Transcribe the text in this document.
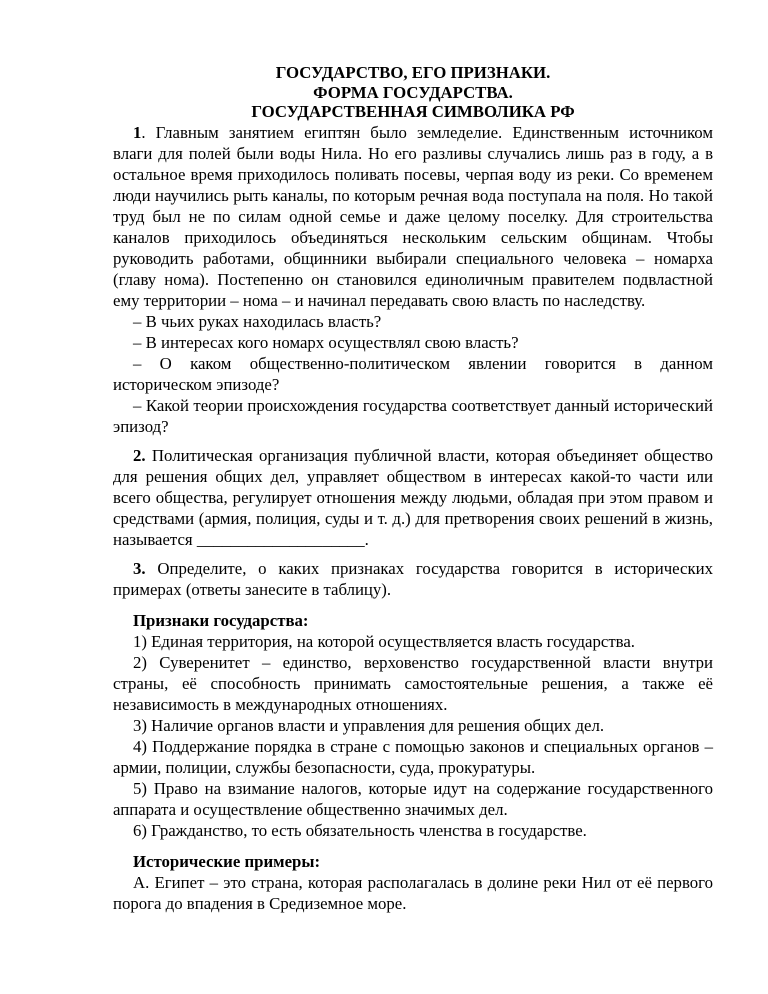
ГОСУДАРСТВО, ЕГО ПРИЗНАКИ.

ФОРМА ГОСУДАРСТВА.

ГОСУДАРСТВЕННАЯ СИМВОЛИКА РФ

1. Главным занятием египтян было земледелие. Единственным источником влаги для полей были воды Нила. Но его разливы случались лишь раз в году, а в остальное время приходилось поливать посевы, черпая воду из реки. Со временем люди научились рыть каналы, по которым речная вода поступала на поля. Но такой труд был не по силам одной семье и даже целому поселку. Для строительства каналов приходилось объединяться нескольким сельским общинам. Чтобы руководить работами, общинники выбирали специального человека – номарха (главу нома). Постепенно он становился единоличным правителем подвластной ему территории – нома – и начинал передавать свою власть по наследству.

– В чьих руках находилась власть?

– В интересах кого номарх осуществлял свою власть?

– О каком общественно-политическом явлении говорится в данном историческом эпизоде?

– Какой теории происхождения государства соответствует данный исторический эпизод?

2. Политическая организация публичной власти, которая объединяет общество для решения общих дел, управляет обществом в интересах какой-то части или всего общества, регулирует отношения между людьми, обладая при этом правом и средствами (армия, полиция, суды и т. д.) для претворения своих решений в жизнь, называется ____________________.

3. Определите, о каких признаках государства говорится в исторических примерах (ответы занесите в таблицу).

Признаки государства:

1) Единая территория, на которой осуществляется власть государства.

2) Суверенитет – единство, верховенство государственной власти внутри страны, её способность принимать самостоятельные решения, а также её независимость в международных отношениях.

3) Наличие органов власти и управления для решения общих дел.

4) Поддержание порядка в стране с помощью законов и специальных органов – армии, полиции, службы безопасности, суда, прокуратуры.

5) Право на взимание налогов, которые идут на содержание государственного аппарата и осуществление общественно значимых дел.

6) Гражданство, то есть обязательность членства в государстве.

Исторические примеры:

А. Египет – это страна, которая располагалась в долине реки Нил от её первого порога до впадения в Средиземное море.
